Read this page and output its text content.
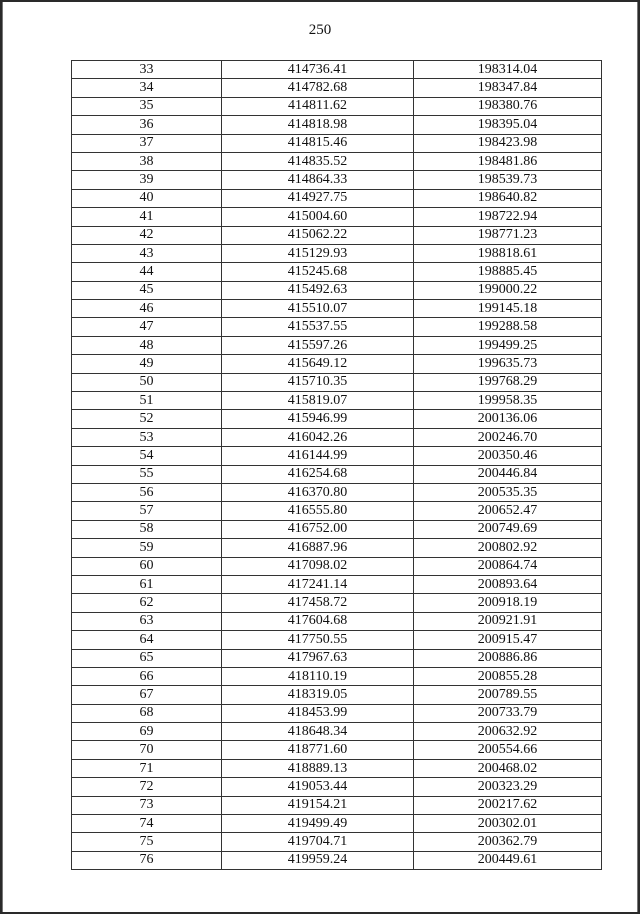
250
33	414736.41	198314.04
34	414782.68	198347.84
35	414811.62	198380.76
36	414818.98	198395.04
37	414815.46	198423.98
38	414835.52	198481.86
39	414864.33	198539.73
40	414927.75	198640.82
41	415004.60	198722.94
42	415062.22	198771.23
43	415129.93	198818.61
44	415245.68	198885.45
45	415492.63	199000.22
46	415510.07	199145.18
47	415537.55	199288.58
48	415597.26	199499.25
49	415649.12	199635.73
50	415710.35	199768.29
51	415819.07	199958.35
52	415946.99	200136.06
53	416042.26	200246.70
54	416144.99	200350.46
55	416254.68	200446.84
56	416370.80	200535.35
57	416555.80	200652.47
58	416752.00	200749.69
59	416887.96	200802.92
60	417098.02	200864.74
61	417241.14	200893.64
62	417458.72	200918.19
63	417604.68	200921.91
64	417750.55	200915.47
65	417967.63	200886.86
66	418110.19	200855.28
67	418319.05	200789.55
68	418453.99	200733.79
69	418648.34	200632.92
70	418771.60	200554.66
71	418889.13	200468.02
72	419053.44	200323.29
73	419154.21	200217.62
74	419499.49	200302.01
75	419704.71	200362.79
76	419959.24	200449.61
